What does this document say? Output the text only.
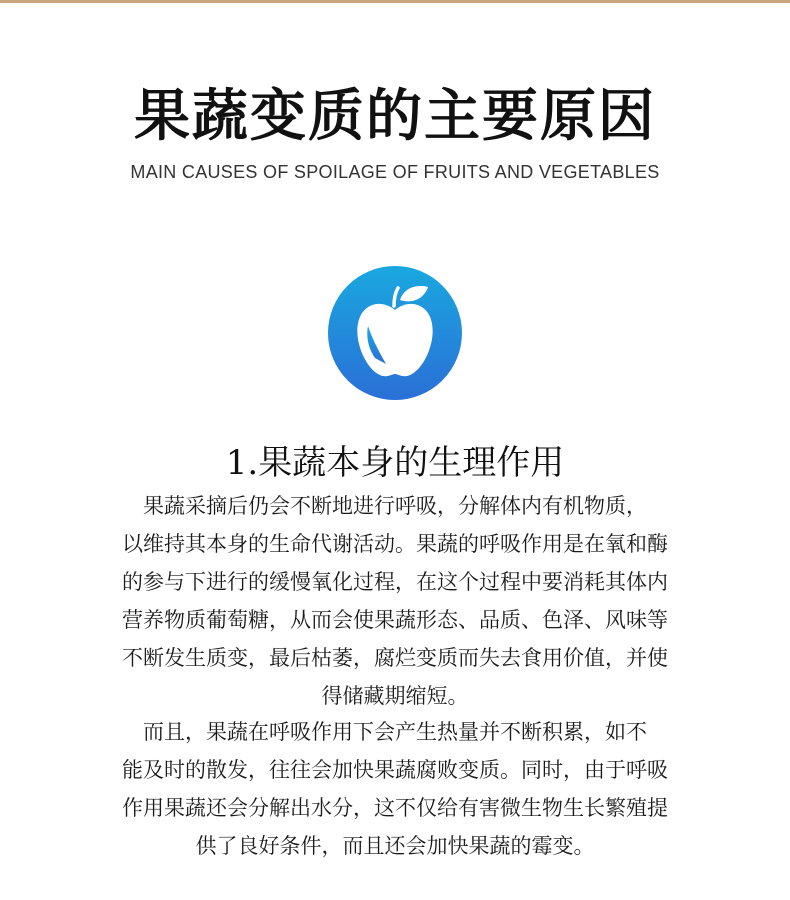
果蔬变质的主要原因
MAIN CAUSES OF SPOILAGE OF FRUITS AND VEGETABLES
1.果蔬本身的生理作用
果蔬采摘后仍会不断地进行呼吸，分解体内有机物质，
以维持其本身的生命代谢活动。果蔬的呼吸作用是在氧和酶
的参与下进行的缓慢氧化过程，在这个过程中要消耗其体内
营养物质葡萄糖，从而会使果蔬形态、品质、色泽、风味等
不断发生质变，最后枯萎，腐烂变质而失去食用价值，并使
得储藏期缩短。
而且，果蔬在呼吸作用下会产生热量并不断积累，如不
能及时的散发，往往会加快果蔬腐败变质。同时，由于呼吸
作用果蔬还会分解出水分，这不仅给有害微生物生长繁殖提
供了良好条件，而且还会加快果蔬的霉变。
